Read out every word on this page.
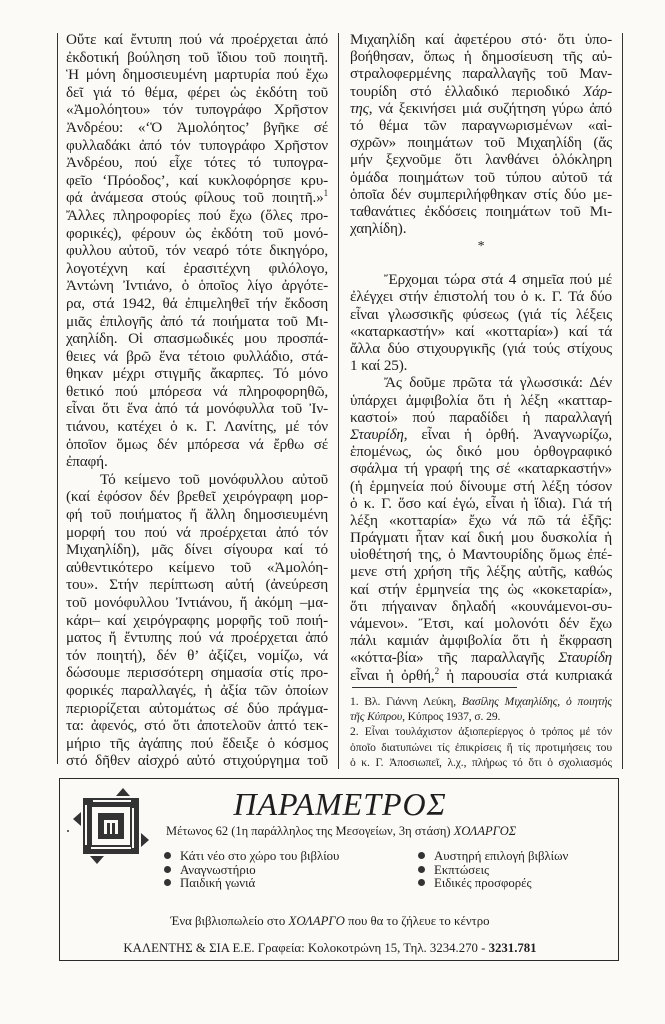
Οὔτε καί ἔντυπη πού νά προέρχεται ἀπό
ἐκδοτική βούληση τοῦ ἴδιου τοῦ ποιητῆ.
Ἡ μόνη δημοσιευμένη μαρτυρία πού ἔχω
δεῖ γιά τό θέμα, φέρει ὡς ἐκδότη τοῦ
«Ἀμολόητου» τόν τυπογράφο Χρῆστον
Ἀνδρέου: «‘Ὁ Ἀμολόητος’ βγῆκε σέ
φυλλαδάκι ἀπό τόν τυπογράφο Χρῆστον
Ἀνδρέου, πού εἶχε τότες τό τυπογρα-
φεῖο ‘Πρόοδος’, καί κυκλοφόρησε κρυ-
φά ἀνάμεσα στούς φίλους τοῦ ποιητῆ.»$^1$
Ἄλλες πληροφορίες πού ἔχω (ὅλες προ-
φορικές), φέρουν ὡς ἐκδότη τοῦ μονό-
φυλλου αὐτοῦ, τόν νεαρό τότε δικηγόρο,
λογοτέχνη καί ἐρασιτέχνη φιλόλογο,
Ἀντώνη Ἰντιάνο, ὁ ὁποῖος λίγο ἀργότε-
ρα, στά 1942, θά ἐπιμεληθεῖ τήν ἔκδοση
μιᾶς ἐπιλογῆς ἀπό τά ποιήματα τοῦ Μι-
χαηλίδη. Οἱ σπασμωδικές μου προσπά-
θειες νά βρῶ ἕνα τέτοιο φυλλάδιο, στά-
θηκαν μέχρι στιγμῆς ἄκαρπες. Τό μόνο
θετικό πού μπόρεσα νά πληροφορηθῶ,
εἶναι ὅτι ἕνα ἀπό τά μονόφυλλα τοῦ Ἰν-
τιάνου, κατέχει ὁ κ. Γ. Λανίτης, μέ τόν
ὁποῖον ὅμως δέν μπόρεσα νά ἔρθω σέ
ἐπαφή.
Τό κείμενο τοῦ μονόφυλλου αὐτοῦ
(καί ἐφόσον δέν βρεθεῖ χειρόγραφη μορ-
φή τοῦ ποιήματος ἤ ἄλλη δημοσιευμένη
μορφή του πού νά προέρχεται ἀπό τόν
Μιχαηλίδη), μᾶς δίνει σίγουρα καί τό
αὐθεντικότερο κείμενο τοῦ «Ἀμολόη-
του». Στήν περίπτωση αὐτή (ἀνεύρεση
τοῦ μονόφυλλου Ἰντιάνου, ἤ ἀκόμη –μα-
κάρι– καί χειρόγραφης μορφῆς τοῦ ποιή-
ματος ἤ ἔντυπης πού νά προέρχεται ἀπό
τόν ποιητή), δέν θ’ ἀξίζει, νομίζω, νά
δώσουμε περισσότερη σημασία στίς προ-
φορικές παραλλαγές, ἡ ἀξία τῶν ὁποίων
περιορίζεται αὐτομάτως σέ δύο πράγμα-
τα: ἀφενός, στό ὅτι ἀποτελοῦν ἀπτό τεκ-
μήριο τῆς ἀγάπης πού ἔδειξε ὁ κόσμος
στό δῆθεν αἰσχρό αὐτό στιχούργημα τοῦ
Μιχαηλίδη καί ἀφετέρου στό· ὅτι ὑπο-
βοήθησαν, ὅπως ἡ δημοσίευση τῆς αὐ-
στραλοφερμένης παραλλαγῆς τοῦ Μαν-
τουρίδη στό ἑλλαδικό περιοδικό Χάρ-
της, νά ξεκινήσει μιά συζήτηση γύρω ἀπό
τό θέμα τῶν παραγνωρισμένων «αἰ-
σχρῶν» ποιημάτων τοῦ Μιχαηλίδη (ἄς
μήν ξεχνοῦμε ὅτι λανθάνει ὁλόκληρη
ὁμάδα ποιημάτων τοῦ τύπου αὐτοῦ τά
ὁποῖα δέν συμπεριλήφθηκαν στίς δύο με-
ταθανάτιες ἐκδόσεις ποιημάτων τοῦ Μι-
χαηλίδη).
*
Ἔρχομαι τώρα στά 4 σημεῖα πού μέ
ἐλέγχει στήν ἐπιστολή του ὁ κ. Γ. Τά δύο
εἶναι γλωσσικῆς φύσεως (γιά τίς λέξεις
«καταρκαστήν» καί «κοτταρία») καί τά
ἄλλα δύο στιχουργικῆς (γιά τούς στίχους
1 καί 25).
Ἄς δοῦμε πρῶτα τά γλωσσικά: Δέν
ὑπάρχει ἀμφιβολία ὅτι ἡ λέξη «κατταρ-
καστοί» πού παραδίδει ἡ παραλλαγή
Σταυρίδη, εἶναι ἡ ὀρθή. Ἀναγνωρίζω,
ἑπομένως, ὡς δικό μου ὀρθογραφικό
σφάλμα τή γραφή της σέ «καταρκαστήν»
(ἡ ἑρμηνεία πού δίνουμε στή λέξη τόσον
ὁ κ. Γ. ὅσο καί ἐγώ, εἶναι ἡ ἴδια). Γιά τή
λέξη «κοτταρία» ἔχω νά πῶ τά ἑξῆς:
Πράγματι ἦταν καί δική μου δυσκολία ἡ
υἱοθέτησή της, ὁ Μαντουρίδης ὅμως ἐπέ-
μενε στή χρήση τῆς λέξης αὐτῆς, καθώς
καί στήν ἑρμηνεία της ὡς «κοκεταρία»,
ὅτι πήγαιναν δηλαδή «κουνάμενοι-συ-
νάμενοι». Ἔτσι, καί μολονότι δέν ἔχω
πάλι καμιάν ἀμφιβολία ὅτι ἡ ἔκφραση
«κόττα-βία» τῆς παραλλαγῆς Σταυρίδη
εἶναι ἡ ὀρθή,$^2$ ἡ παρουσία στά κυπριακά
1. Βλ. Γιάννη Λεύκη, Βασίλης Μιχαηλίδης, ὁ ποιητής
τῆς Κύπρου, Κύπρος 1937, σ. 29.
2. Εἶναι τουλάχιστον ἀξιοπερίεργος ὁ τρόπος μέ τόν
ὁποῖο διατυπώνει τίς ἐπικρίσεις ἤ τίς προτιμήσεις του
ὁ κ. Γ. Ἀποσιωπεῖ, λ.χ., πλήρως τό ὅτι ὁ σχολιασμός
ΠΑΡΑΜΕΤΡΟΣ
Μέτωνος 62 (1η παράλληλος της Μεσογείων, 3η στάση) ΧΟΛΑΡΓΟΣ
Κάτι νέο στο χώρο του βιβλίου
Αναγνωστήριο
Παιδική γωνιά
Αυστηρή επιλογή βιβλίων
Εκπτώσεις
Ειδικές προσφορές
Ένα βιβλιοπωλείο στο ΧΟΛΑΡΓΟ που θα το ζήλευε το κέντρο
ΚΑΛΕΝΤΗΣ & ΣΙΑ Ε.Ε. Γραφεία: Κολοκοτρώνη 15, Τηλ. 3234.270 - 3231.781
